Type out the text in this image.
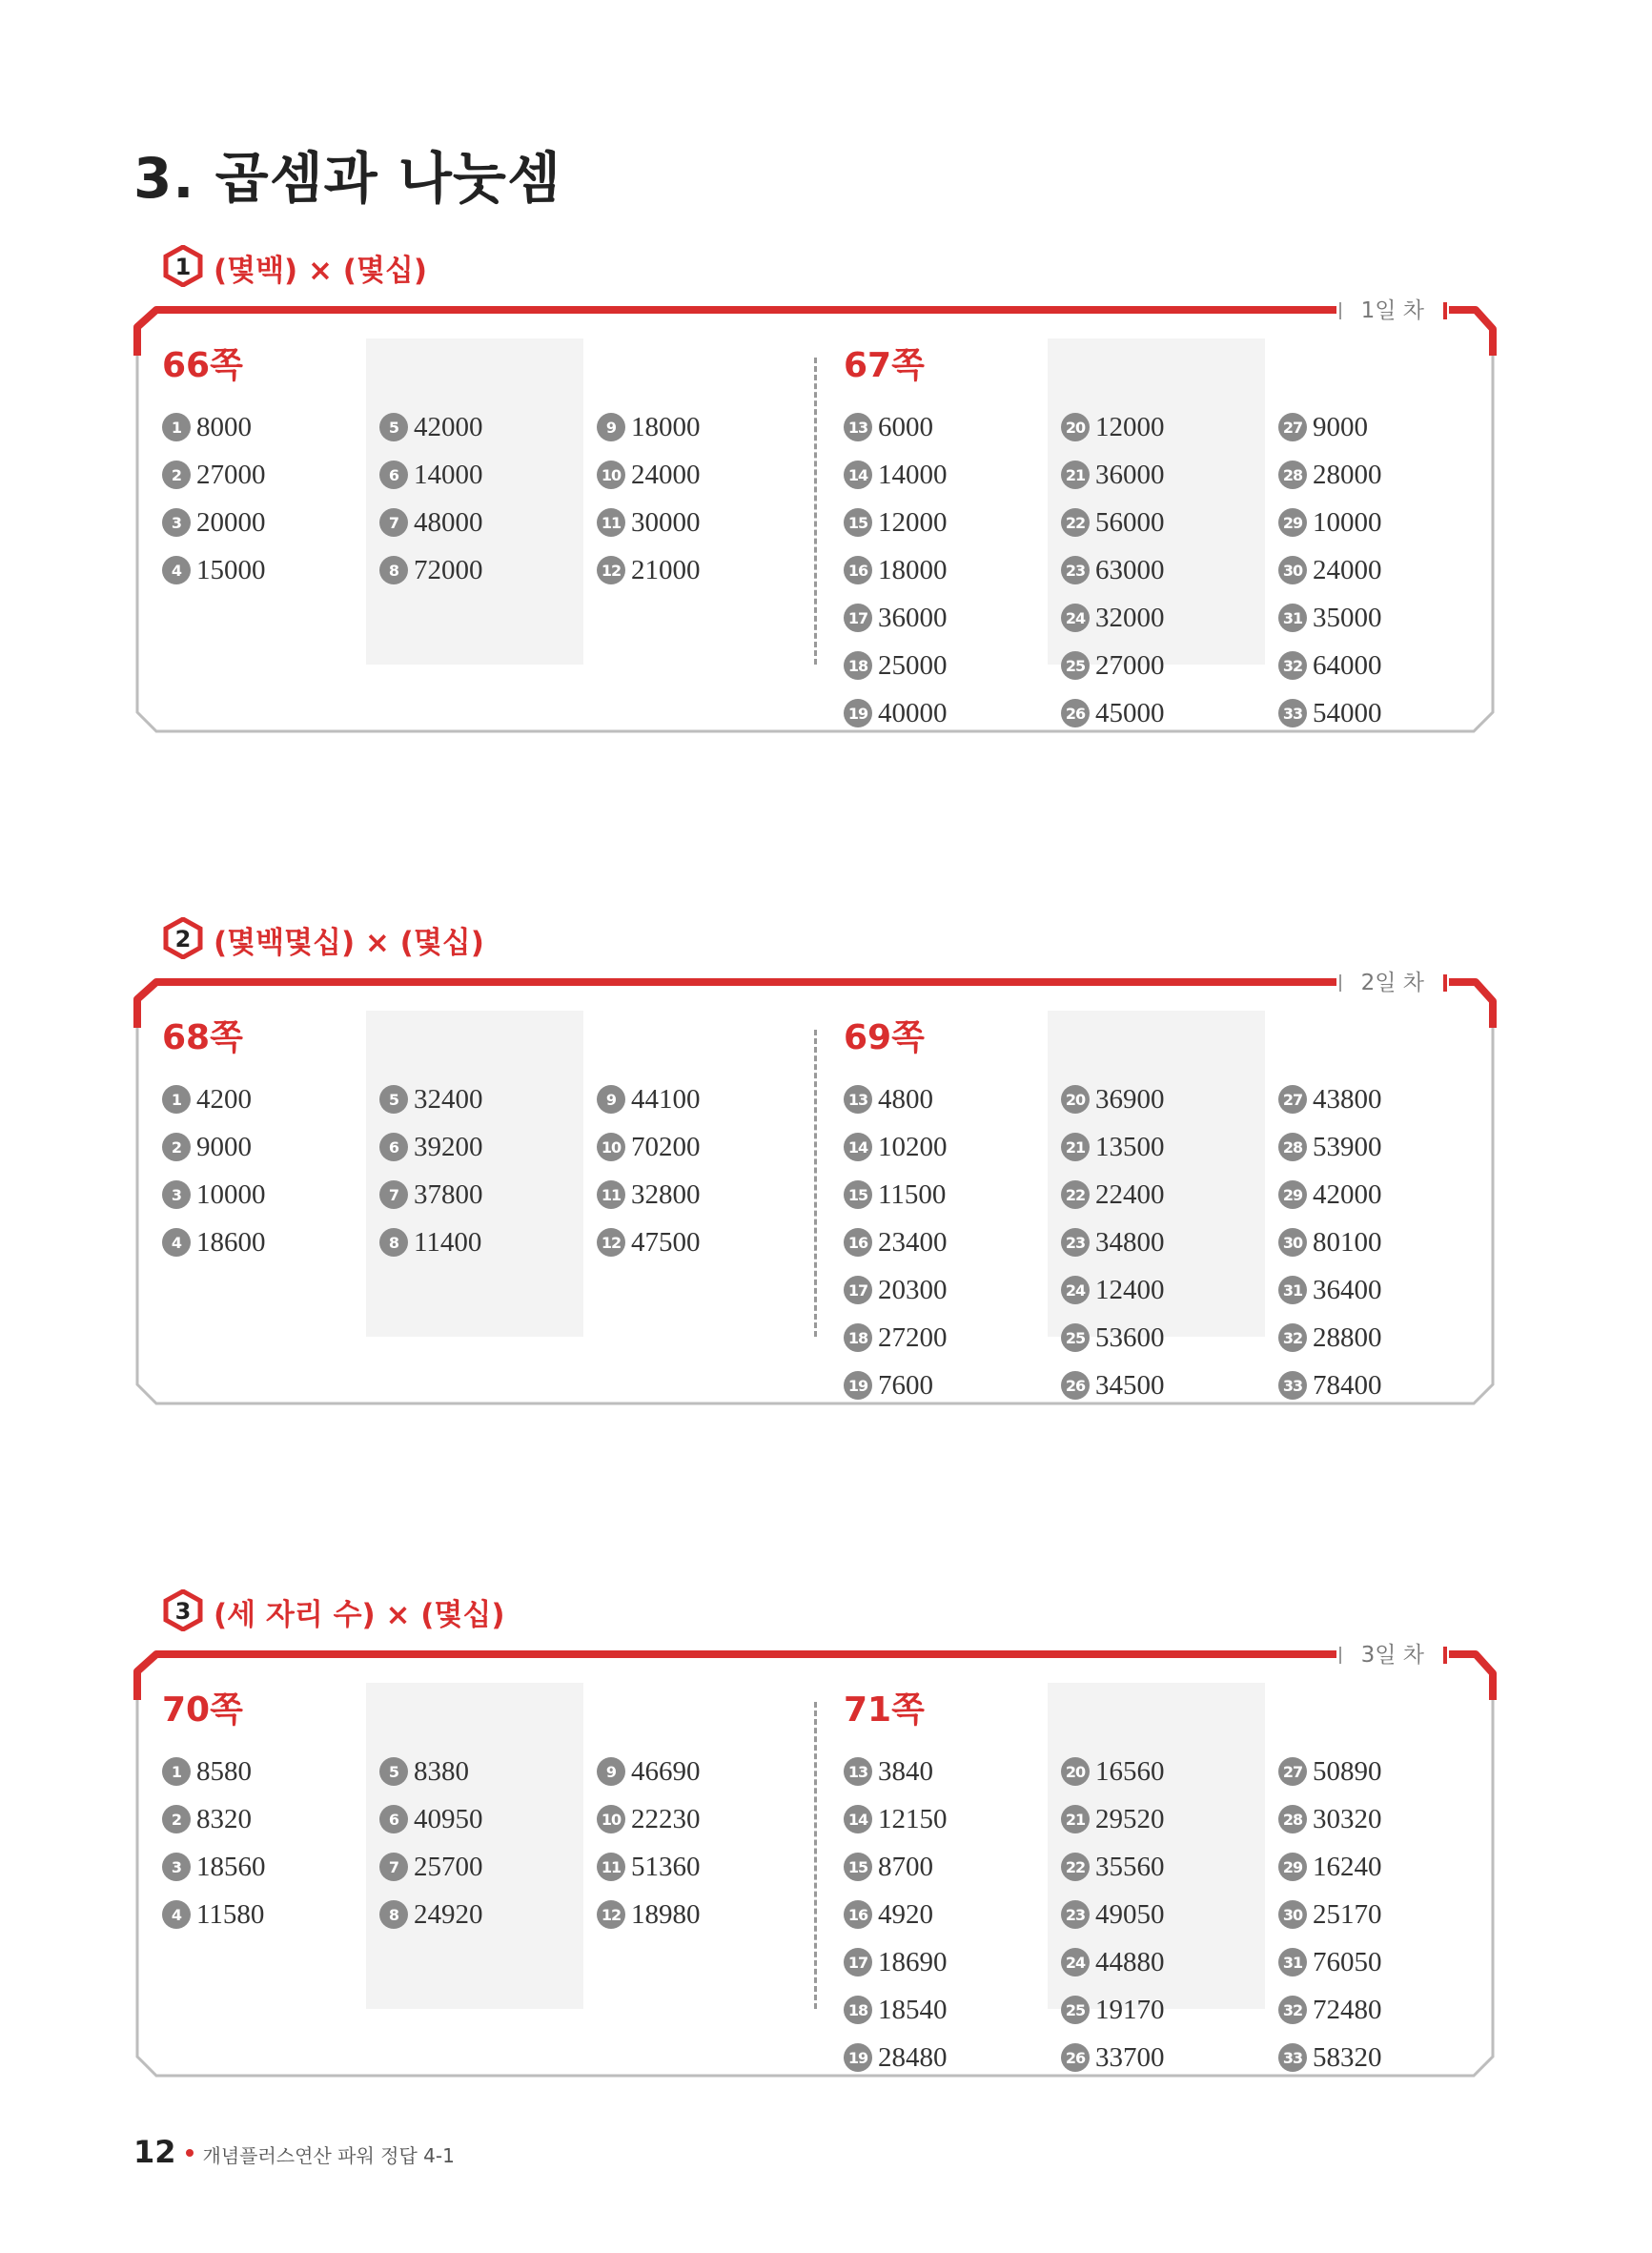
3. 곱셈과 나눗셈
1 (몇백) × (몇십)
1일 차
66쪽	67쪽
1 8000
2 27000
3 20000
4 15000
5 42000
6 14000
7 48000
8 72000
9 18000
10 24000
11 30000
12 21000
13 6000
14 14000
15 12000
16 18000
17 36000
18 25000
19 40000
20 12000
21 36000
22 56000
23 63000
24 32000
25 27000
26 45000
27 9000
28 28000
29 10000
30 24000
31 35000
32 64000
33 54000
2 (몇백몇십) × (몇십)
2일 차
68쪽	69쪽
1 4200
2 9000
3 10000
4 18600
5 32400
6 39200
7 37800
8 11400
9 44100
10 70200
11 32800
12 47500
13 4800
14 10200
15 11500
16 23400
17 20300
18 27200
19 7600
20 36900
21 13500
22 22400
23 34800
24 12400
25 53600
26 34500
27 43800
28 53900
29 42000
30 80100
31 36400
32 28800
33 78400
3 (세 자리 수) × (몇십)
3일 차
70쪽	71쪽
1 8580
2 8320
3 18560
4 11580
5 8380
6 40950
7 25700
8 24920
9 46690
10 22230
11 51360
12 18980
13 3840
14 12150
15 8700
16 4920
17 18690
18 18540
19 28480
20 16560
21 29520
22 35560
23 49050
24 44880
25 19170
26 33700
27 50890
28 30320
29 16240
30 25170
31 76050
32 72480
33 58320
12 개념플러스연산 파워 정답 4-1
